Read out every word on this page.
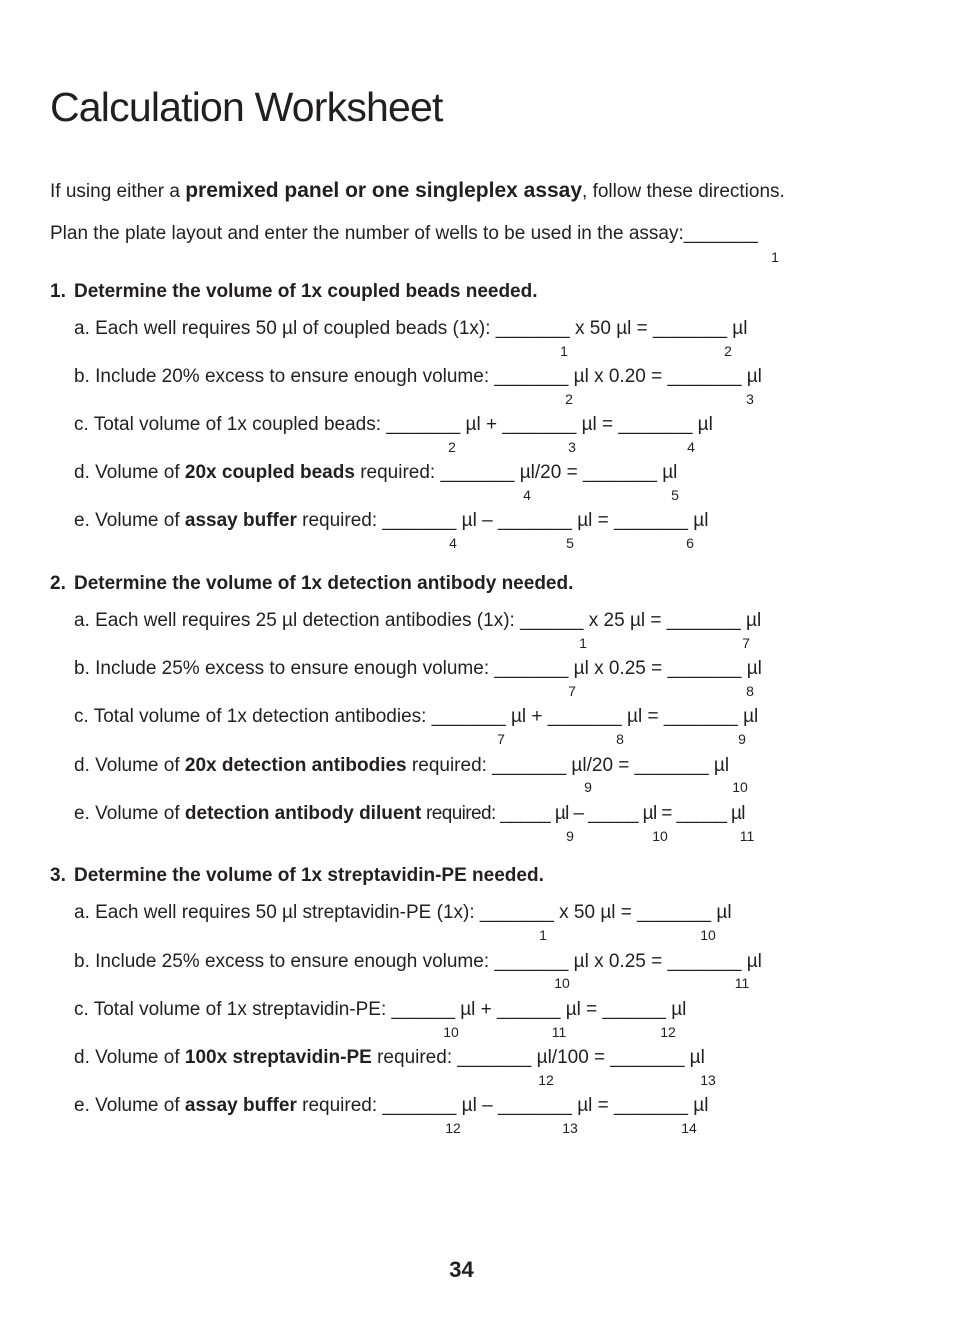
Calculation Worksheet
If using either a premixed panel or one singleplex assay, follow these directions.
Plan the plate layout and enter the number of wells to be used in the assay:_______
1
1. Determine the volume of 1x coupled beads needed.
a. Each well requires 50 µl of coupled beads (1x): _______ x 50 µl = _______ µl
1	2
b. Include 20% excess to ensure enough volume: _______ µl x 0.20 = _______ µl
2	3
c. Total volume of 1x coupled beads: _______ µl + _______ µl = _______ µl
2	3	4
d. Volume of 20x coupled beads required: _______ µl/20 = _______ µl
4	5
e. Volume of assay buffer required: _______ µl – _______ µl = _______ µl
4	5	6
2. Determine the volume of 1x detection antibody needed.
a. Each well requires 25 µl detection antibodies (1x): ______ x 25 µl = _______ µl
1	7
b. Include 25% excess to ensure enough volume: _______ µl x 0.25 = _______ µl
7	8
c. Total volume of 1x detection antibodies: _______ µl + _______ µl = _______ µl
7	8	9
d. Volume of 20x detection antibodies required: _______ µl/20 = _______ µl
9	10
e. Volume of detection antibody diluent required: _____ µl – _____ µl = _____ µl
9	10	11
3. Determine the volume of 1x streptavidin-PE needed.
a. Each well requires 50 µl streptavidin-PE (1x): _______ x 50 µl = _______ µl
1	10
b. Include 25% excess to ensure enough volume: _______ µl x 0.25 = _______ µl
10	11
c. Total volume of 1x streptavidin-PE: ______ µl + ______ µl = ______ µl
10	11	12
d. Volume of 100x streptavidin-PE required: _______ µl/100 = _______ µl
12	13
e. Volume of assay buffer required: _______ µl – _______ µl = _______ µl
12	13	14
34
